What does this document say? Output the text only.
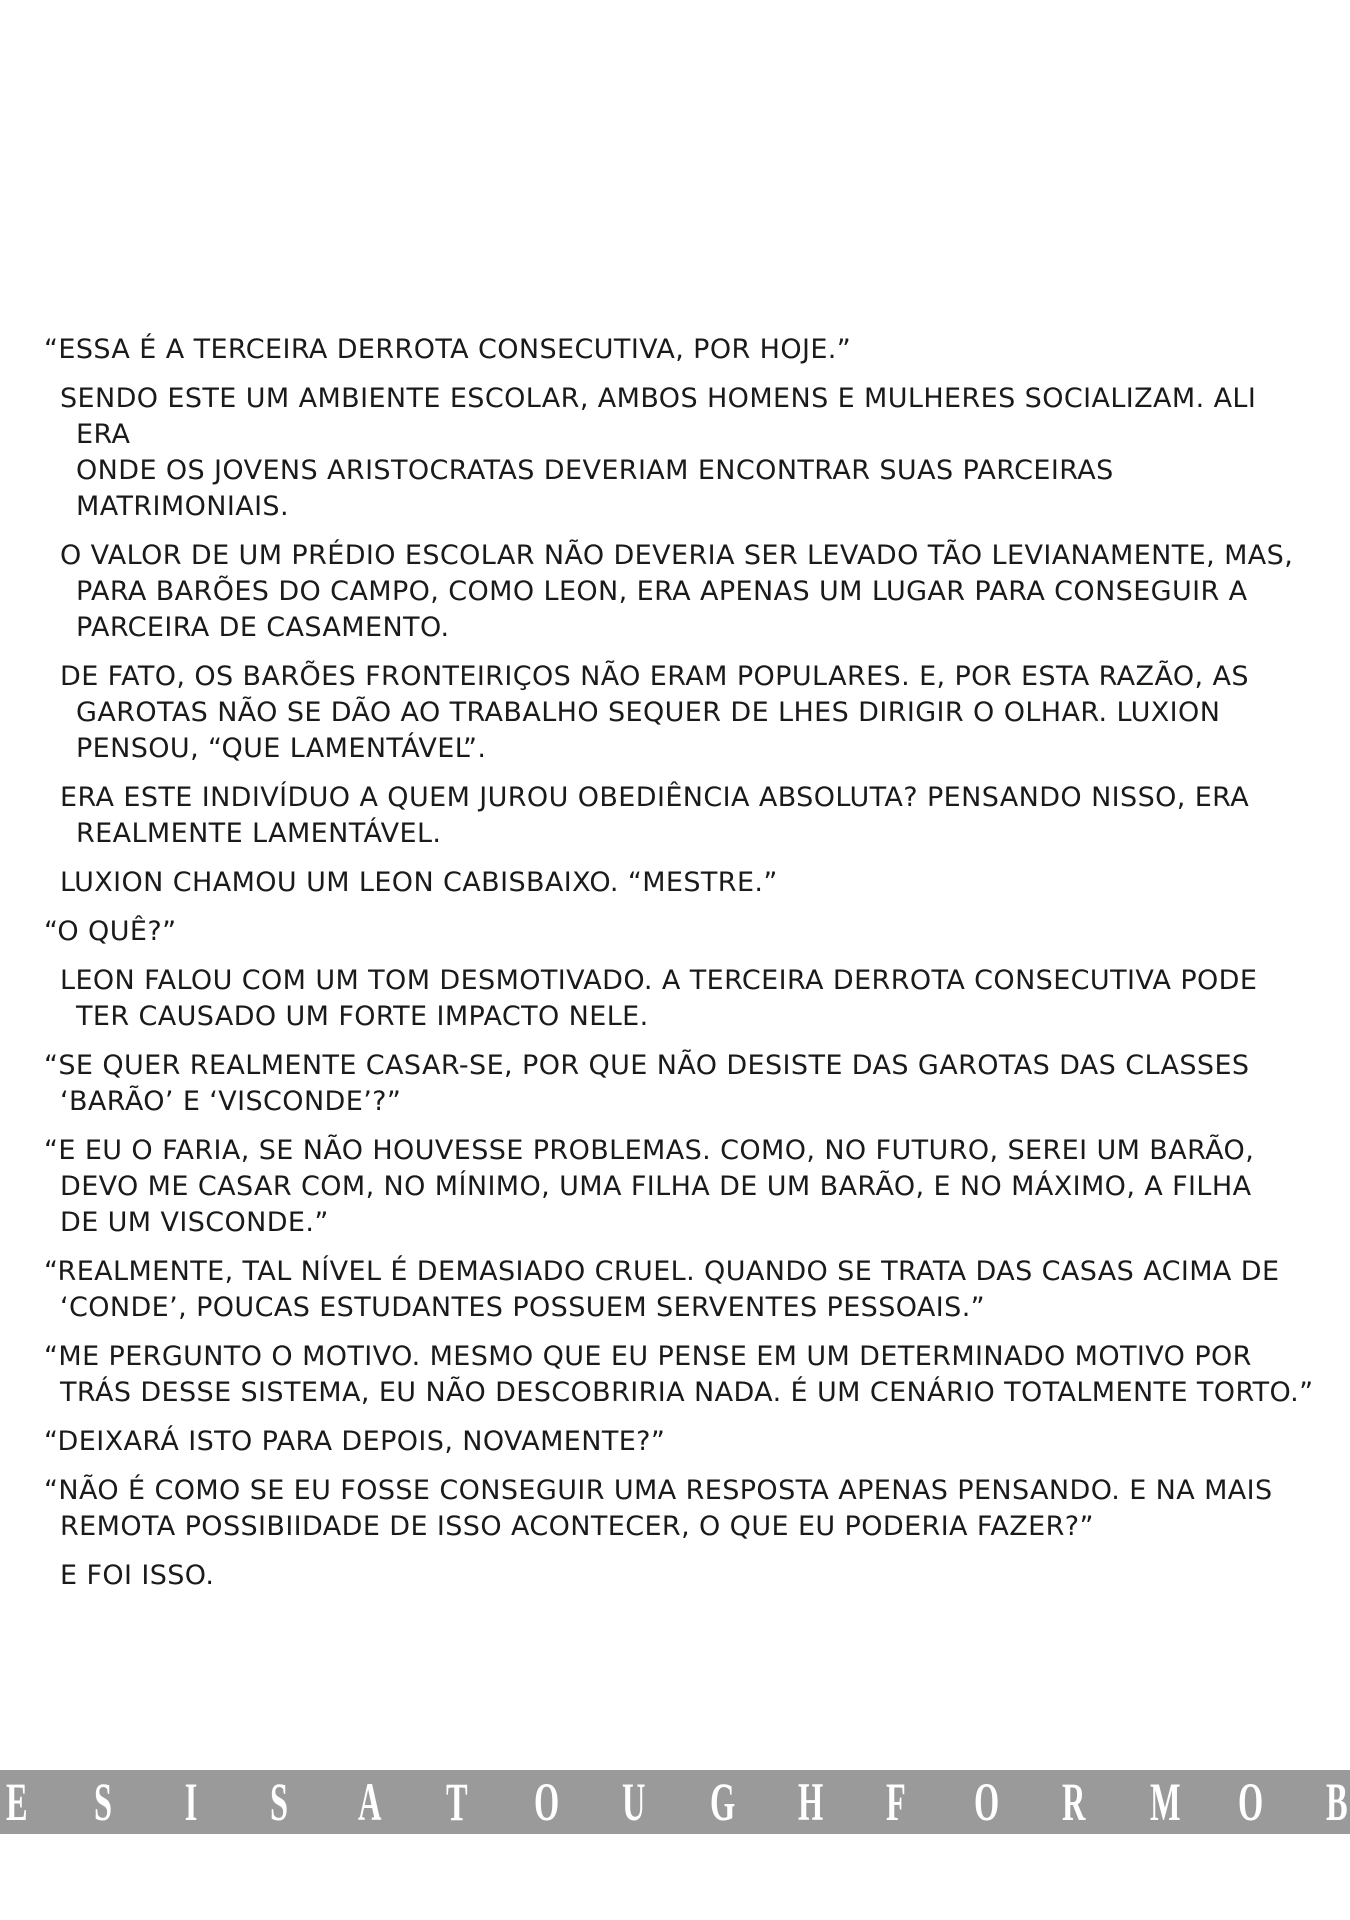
“ESSA É A TERCEIRA DERROTA CONSECUTIVA, POR HOJE.”

SENDO ESTE UM AMBIENTE ESCOLAR, AMBOS HOMENS E MULHERES SOCIALIZAM. ALI ERA
ONDE OS JOVENS ARISTOCRATAS DEVERIAM ENCONTRAR SUAS PARCEIRAS MATRIMONIAIS.

O VALOR DE UM PRÉDIO ESCOLAR NÃO DEVERIA SER LEVADO TÃO LEVIANAMENTE, MAS,
PARA BARÕES DO CAMPO, COMO LEON, ERA APENAS UM LUGAR PARA CONSEGUIR A
PARCEIRA DE CASAMENTO.

DE FATO, OS BARÕES FRONTEIRIÇOS NÃO ERAM POPULARES. E, POR ESTA RAZÃO, AS
GAROTAS NÃO SE DÃO AO TRABALHO SEQUER DE LHES DIRIGIR O OLHAR. LUXION
PENSOU, “QUE LAMENTÁVEL”.

ERA ESTE INDIVÍDUO A QUEM JUROU OBEDIÊNCIA ABSOLUTA? PENSANDO NISSO, ERA
REALMENTE LAMENTÁVEL.

LUXION CHAMOU UM LEON CABISBAIXO. “MESTRE.”

“O QUÊ?”

LEON FALOU COM UM TOM DESMOTIVADO. A TERCEIRA DERROTA CONSECUTIVA PODE
TER CAUSADO UM FORTE IMPACTO NELE.

“SE QUER REALMENTE CASAR-SE, POR QUE NÃO DESISTE DAS GAROTAS DAS CLASSES
‘BARÃO’ E ‘VISCONDE’?”

“E EU O FARIA, SE NÃO HOUVESSE PROBLEMAS. COMO, NO FUTURO, SEREI UM BARÃO,
DEVO ME CASAR COM, NO MÍNIMO, UMA FILHA DE UM BARÃO, E NO MÁXIMO, A FILHA
DE UM VISCONDE.”

“REALMENTE, TAL NÍVEL É DEMASIADO CRUEL. QUANDO SE TRATA DAS CASAS ACIMA DE
‘CONDE’, POUCAS ESTUDANTES POSSUEM SERVENTES PESSOAIS.”

“ME PERGUNTO O MOTIVO. MESMO QUE EU PENSE EM UM DETERMINADO MOTIVO POR
TRÁS DESSE SISTEMA, EU NÃO DESCOBRIRIA NADA. É UM CENÁRIO TOTALMENTE TORTO.”

“DEIXARÁ ISTO PARA DEPOIS, NOVAMENTE?”

“NÃO É COMO SE EU FOSSE CONSEGUIR UMA RESPOSTA APENAS PENSANDO. E NA MAIS
REMOTA POSSIBIIDADE DE ISSO ACONTECER, O QUE EU PODERIA FAZER?”

E FOI ISSO.

E S I S A T O U G H F O R M O B
